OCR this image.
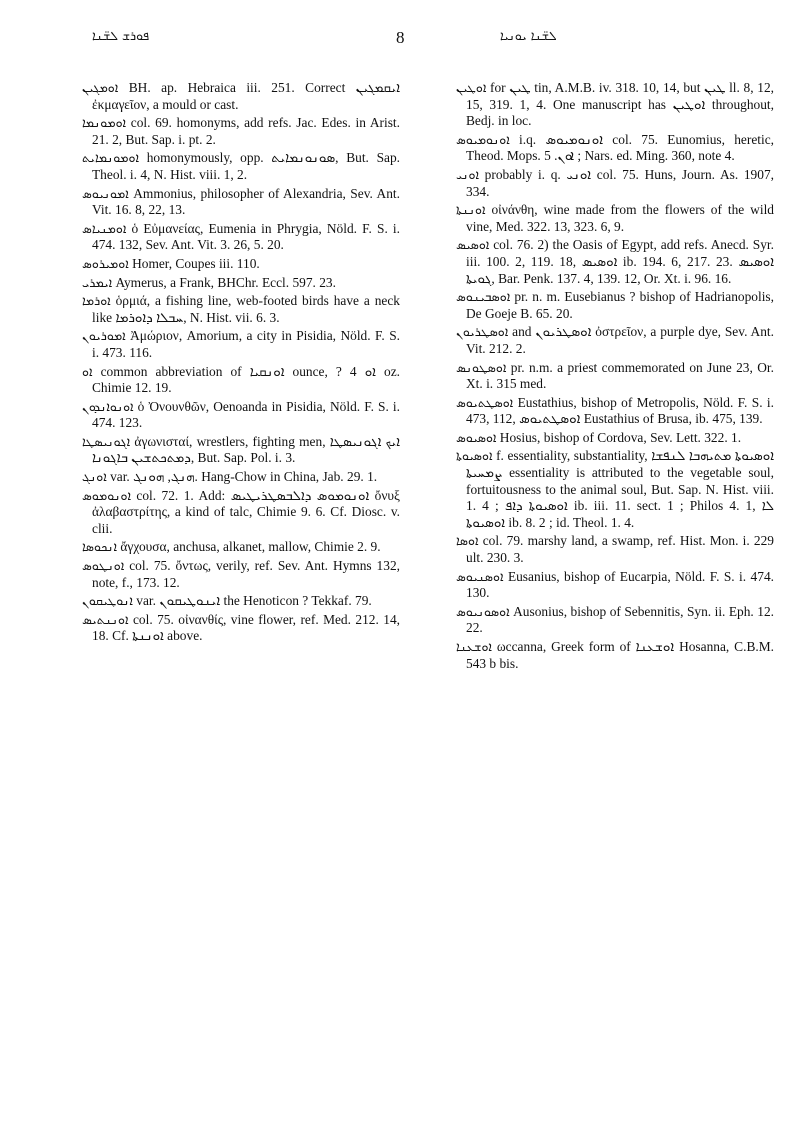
ܦܘܪܫ ܠܫ̈ܢܐ	8	ܠܫ̈ܢܐ ܝܘܢܝܐ

ܐܘܡܓܝܢ BH. ap. Hebraica iii. 251. Correct ܐܝܩܡܓܝܢ ἐκμαγεῖον, a mould or cast.

ܐܘܡܘܢܡܐ col. 69. homonyms, add refs. Jac. Edes. in Arist. 21. 2, But. Sap. i. pt. 2.

ܐܘܡܘܢܡܐܝܬ homonymously, opp. ܣܘܢܘܢܡܐܝܬ, But. Sap. Theol. i. 4, N. Hist. viii. 1, 2.

ܐܡܘܢܝܘܣ Ammonius, philosopher of Alexandria, Sev. Ant. Vit. 16. 8, 22, 13.

ܐܘܡܢܝܐܣ ὁ Εὐμανείας, Eumenia in Phrygia, Nöld. F. S. i. 474. 132, Sev. Ant. Vit. 3. 26, 5. 20.

ܐܘܡܝܪܘܣ Homer, Coupes iii. 110.

ܐܝܡܪܝ Aymerus, a Frank, BHChr. Eccl. 597. 23.

ܐܘܪܡܐ ὁρμιά, a fishing line, web-footed birds have a neck like ܚܒܠܐ ܕܐܘܪܡܐ, N. Hist. vii. 6. 3.

ܐܡܘܪܝܘܢ Ἀμώριον, Amorium, a city in Pisidia, Nöld. F. S. i. 473. 116.

ܐܘ common abbreviation of ܐܘܢܩܝܐ ounce, ? ܐܘ 4 oz. Chimie 12. 19.

ܐܘܢܘܐܢܕܘܢ ὁ Ὀνουνθῶν, Oenoanda in Pisidia, Nöld. F. S. i. 474. 123.

ܐܓܘܢܝܣܛܐ ἀγωνισταί, wrestlers, fighting men, ܐܝܟ ܐܓܘܢܝܣܛܐ ܕܡܬܟܬܫܝܢ ܒܐܓܘܢܐ, But. Sap. Pol. i. 3.

ܐܘܢܓ var. ܗܢܓ, ܗܘܢܓ. Hang-Chow in China, Jab. 29. 1.

ܐܘܢܘܡܘܣ col. 72. 1. Add: ܐܘܢܘܡܘܣ ܕܐܠܒܣܛܪܝܛܝܣ ὄνυξ ἀλαβαστρίτης, a kind of talc, Chimie 9. 6. Cf. Diosc. v. clii.

ܐܢܟܘܣܐ ἄγχουσα, anchusa, alkanet, mallow, Chimie 2. 9.

ܐܘܢܛܘܣ col. 75. ὄντως, verily, ref. Sev. Ant. Hymns 132, note, f., 173. 12.

ܐܢܘܛܝܩܘܢ var. ܐܝܢܘܛܝܩܘܢ the Henoticon ? Tekkaf. 79.

ܐܘܢܢܬܝܣ col. 75. οἰνανθίς, vine flower, ref. Med. 212. 14, 18. Cf. ܐܘܢܢܬܐ above.

ܐܘܛܝܢ for ܛܝܢ tin, A.M.B. iv. 318. 10, 14, but ܛܝܢ ll. 8, 12, 15, 319. 1, 4. One manuscript has ܐܘܛܝܢ throughout, Bedj. in loc.

ܐܘܢܘܡܝܘܣ i.q. ܐܘܢܘܡܝܘܣ col. 75. Eunomius, heretic, Theod. Mops. ܐܘܢ. 5 ; Nars. ed. Ming. 360, note 4.

ܐܘܢܝ probably i. q. ܐܘܢܝ col. 75. Huns, Journ. As. 1907, 334.

ܐܘܢܢܬܐ οἰνάνθη, wine made from the flowers of the wild vine, Med. 322. 13, 323. 6, 9.

ܐܘܣܝܣ col. 76. 2) the Oasis of Egypt, add refs. Anecd. Syr. iii. 100. 2, 119. 18, ܐܘܣܝܣ ib. 194. 6, 217. 23. ܐܘܣܝܣ ܓܘܝܬܐ, Bar. Penk. 137. 4, 139. 12, Or. Xt. i. 96. 16.

ܐܘܣܒܝܢܘܣ pr. n. m. Eusebianus ? bishop of Hadrianopolis, De Goeje B. 65. 20.

ܐܘܣܛܪܝܘܢ and ܐܘܣܛܪܝܘܢ ὀστρεῖον, a purple dye, Sev. Ant. Vit. 212. 2.

ܐܘܣܛܘܢܣ pr. n.m. a priest commemorated on June 23, Or. Xt. i. 315 med.

ܐܘܣܛܬܝܘܣ Eustathius, bishop of Metropolis, Nöld. F. S. i. 473, 112, ܐܘܣܛܬܝܘܣ Eustathius of Brusa, ib. 475, 139.

ܐܘܣܝܘܣ Hosius, bishop of Cordova, Sev. Lett. 322. 1.

ܐܘܣܝܘܬܐ f. essentiality, substantiality, ܐܘܣܝܘܬܐ ܡܬܝܗܒܐ ܠܢܦܫܐ ܨܡܚܝܬܐ essentiality is attributed to the vegetable soul, fortuitousness to the animal soul, But. Sap. N. Hist. viii. 1. 4 ; ܐܘܣܝܘܬܐ ܕܐܦ ib. iii. 11. sect. 1 ; Philos 4. 1, ܠܐ ܐܘܣܝܘܬܐ ib. 8. 2 ; id. Theol. 1. 4.

ܐܘܣܐ col. 79. marshy land, a swamp, ref. Hist. Mon. i. 229 ult. 230. 3.

ܐܘܣܢܝܘܣ Eusanius, bishop of Eucarpia, Nöld. F. S. i. 474. 130.

ܐܘܣܘܢܝܘܣ Ausonius, bishop of Sebennitis, Syn. ii. Eph. 12. 22.

ܐܘܫܥܢܐ ωccanna, Greek form of ܐܘܫܥܢܐ Hosanna, C.B.M. 543 b bis.
